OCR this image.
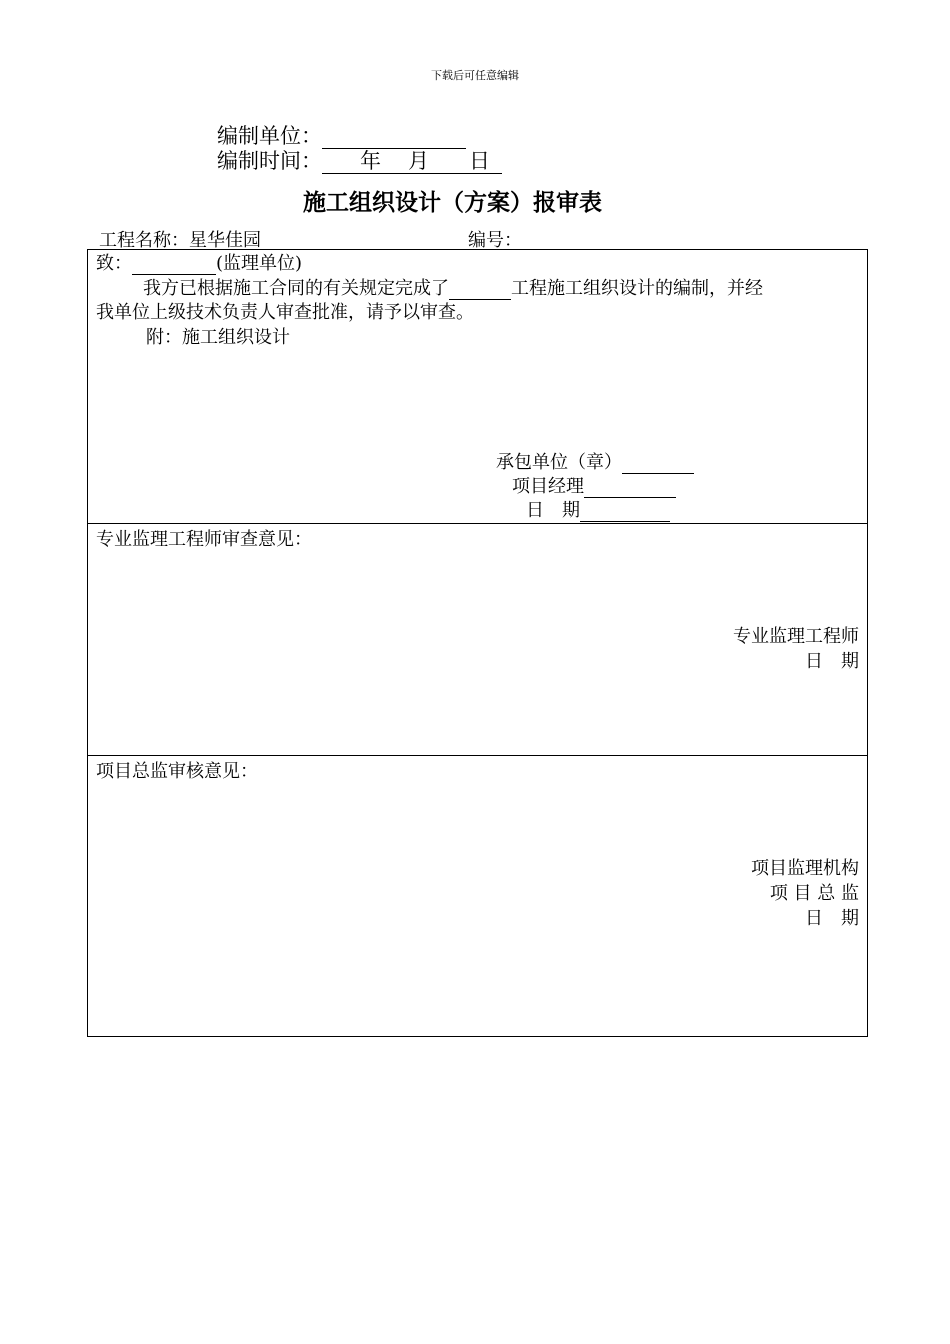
下载后可任意编辑
编制单位：
编制时间： 年 月 日
施工组织设计（方案）报审表
工程名称：星华佳园	编号：
致：	(监理单位)
我方已根据施工合同的有关规定完成了	工程施工组织设计的编制，并经
我单位上级技术负责人审查批准，请予以审查。
附：施工组织设计
承包单位（章）
项目经理
日　期

专业监理工程师审查意见：
专业监理工程师
日　期

项目总监审核意见：
项目监理机构
项 目 总 监
日　期
